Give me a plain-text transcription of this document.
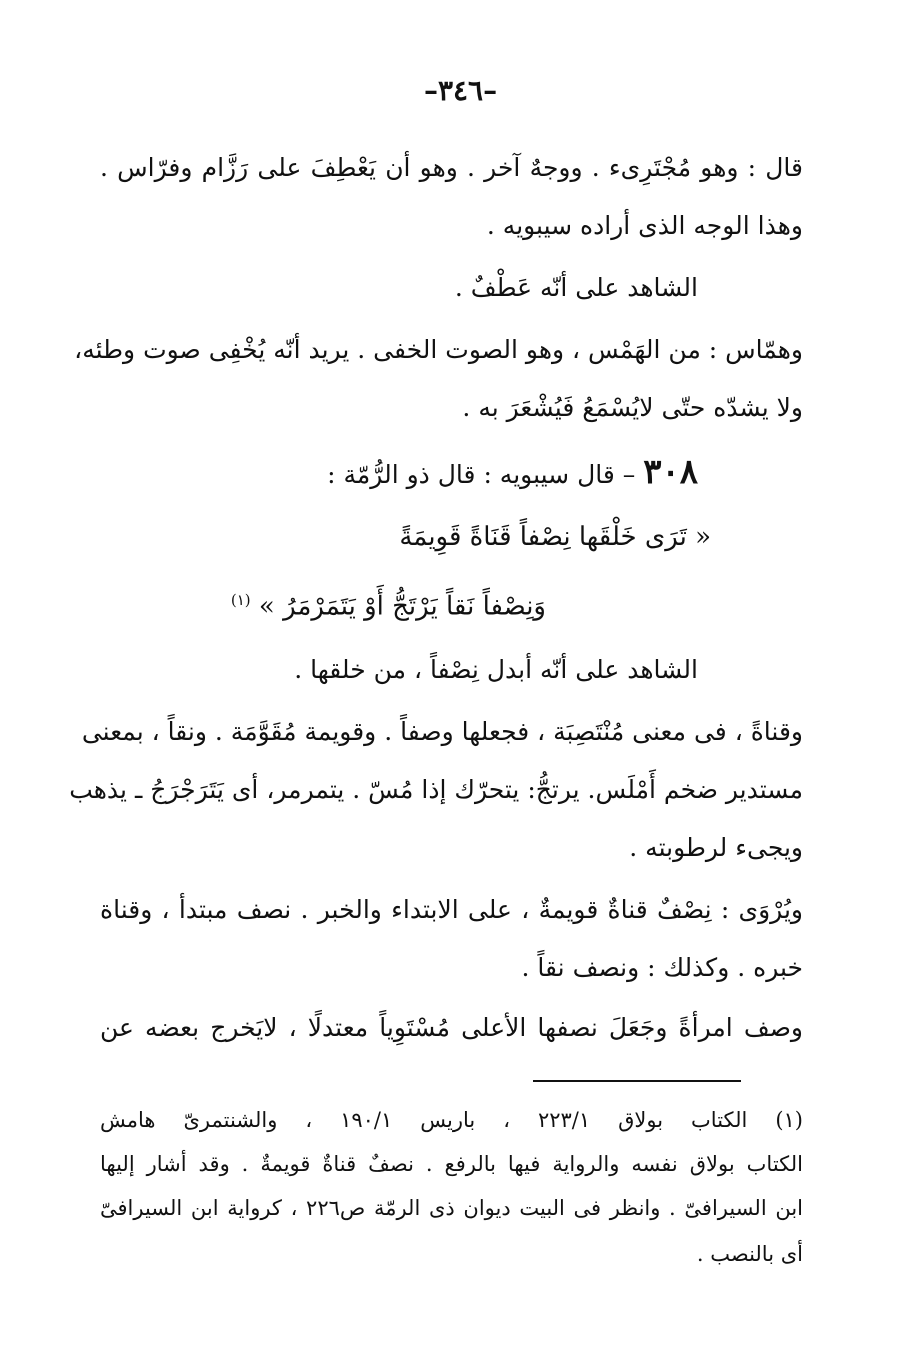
–٣٤٦–
قال : وهو مُجْتَرِىء . ووجهٌ آخر . وهو أن يَعْطِفَ على رَزَّام وفرّاس .
وهذا الوجه الذى أراده سيبويه .
الشاهد على أنّه عَطْفٌ .
وهمّاس : من الهَمْس ، وهو الصوت الخفى . يريد أنّه يُخْفِى صوت وطئه،
ولا يشدّه حتّى لايُسْمَعُ فَيُشْعَرَ به .
٣٠٨ – قال سيبويه : قال ذو الرُّمّة :
« تَرَى خَلْقَها نِصْفاً قَنَاةً قَوِيمَةً
وَنِصْفاً نَقاً يَرْتَجُّ أَوْ يَتَمَرْمَرُ » $^{(١)}$
الشاهد على أنّه أبدل نِصْفاً ، من خلقها .
وقناةً ، فى معنى مُنْتَصِبَة ، فجعلها وصفاً . وقويمة مُقَوَّمَة . ونقاً ، بمعنى
مستدير ضخم أَمْلَس. يرتجُّ: يتحرّك إذا مُسّ . يتمرمر، أى يَتَرَجْرَجُ ـ يذهب
ويجىء لرطوبته .
ويُرْوَى : نِصْفٌ قناةٌ قويمةٌ ، على الابتداء والخبر . نصف مبتدأ ، وقناة
خبره . وكذلك : ونصف نقاً .
وصف امرأةً وجَعَلَ نصفها الأعلى مُسْتَوِياً معتدلًا ، لايَخرج بعضه عن
(١) الكتاب بولاق ٢٢٣/١ ، باريس ١٩٠/١ ، والشنتمرىّ هامش
الكتاب بولاق نفسه والرواية فيها بالرفع . نصفٌ قناةٌ قويمةٌ . وقد أشار إليها
ابن السيرافىّ . وانظر فى البيت ديوان ذى الرمّة ص٢٢٦ ، كرواية ابن السيرافىّ
أى بالنصب .
